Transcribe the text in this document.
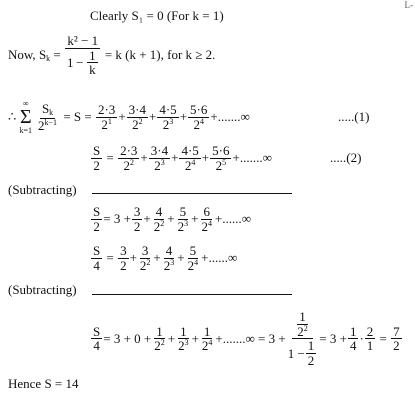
L-
Clearly S₁ = 0 (For k = 1)
Now,
$S_k = \frac{\text{k² − 1}}{1 - \frac{1}{k}}$
= k (k + 1),
for k ≥ 2.
∴

∞
Σ
$k=1 \frac{S_k}{2^{k-1}}$
= S =
$\frac{2\cdot 3}{2^1} + \frac{3\cdot 4}{2^2} + \frac{4\cdot 5}{2^3} + \frac{5\cdot 6}{2^4}$ +.......∞	.....(1)
$\frac{S}{2} = \frac{2\cdot 3}{2^2} + \frac{3\cdot 4}{2^3} + \frac{4\cdot 5}{2^4} + \frac{5\cdot 6}{2^5}$ +.......∞	.....(2)
(Subtracting)
$\frac{S}{2} = 3 + \frac{3}{2} + \frac{4}{2^2} + \frac{5}{2^3} + \frac{6}{2^4}$ +......∞
$\frac{S}{4} = \frac{3}{2} + \frac{3}{2^2} + \frac{4}{2^3} + \frac{5}{2^4}$ +......∞
(Subtracting)
$\frac{S}{4} = 3 + 0 + \frac{1}{2^2} + \frac{1}{2^3} + \frac{1}{2^4}$ +.......∞ = $3 + \frac{\frac{1}{2^2}}{1 - \frac{1}{2}} = 3 + \frac{1}{4} \cdot \frac{2}{1}$
=
$\frac{7}{2}$
Hence S = 14
